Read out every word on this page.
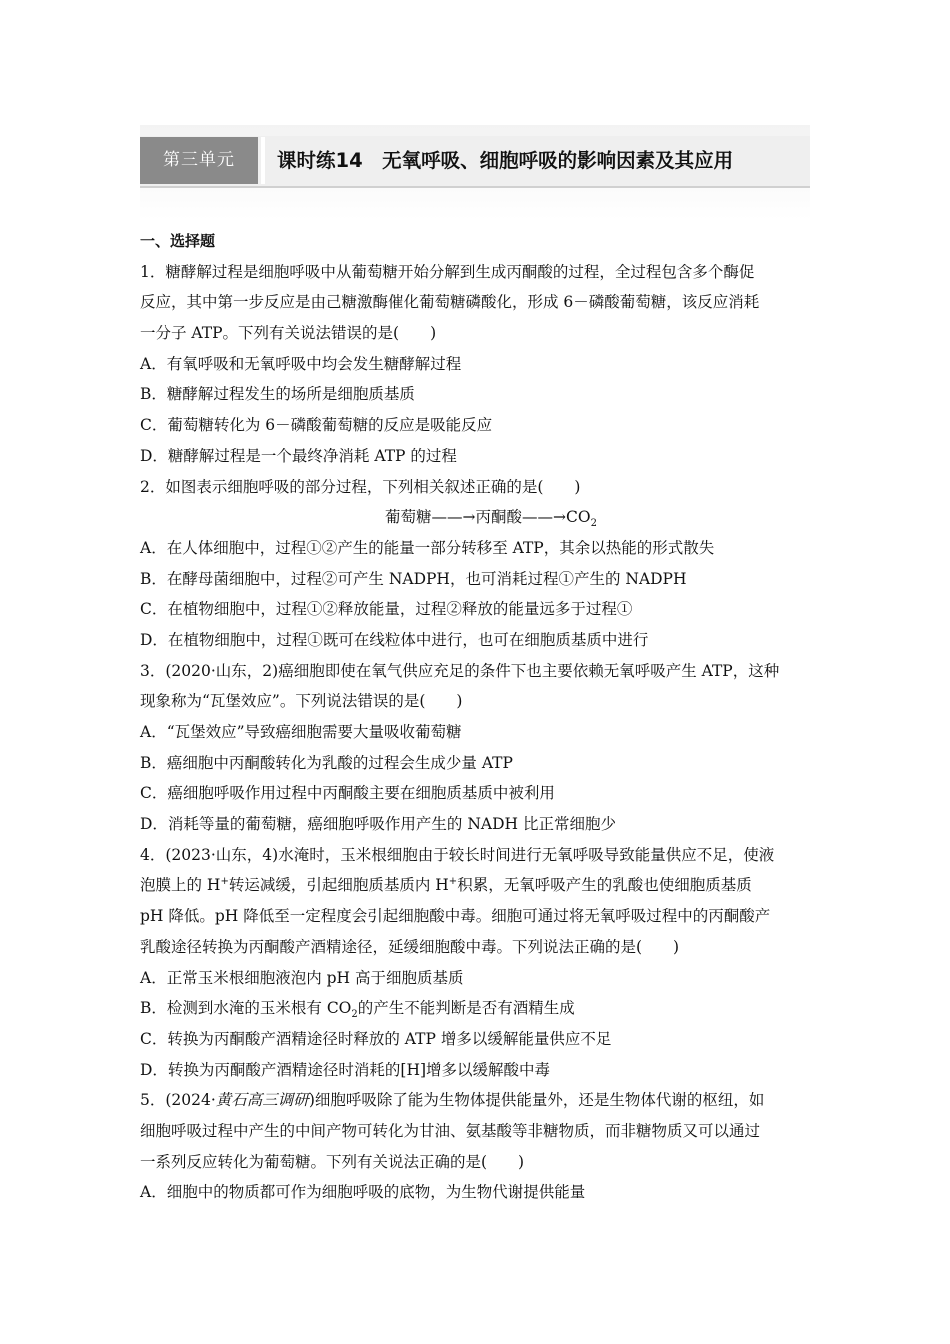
第三单元	课时练14　无氧呼吸、细胞呼吸的影响因素及其应用
一、选择题
1．糖酵解过程是细胞呼吸中从葡萄糖开始分解到生成丙酮酸的过程，全过程包含多个酶促
反应，其中第一步反应是由己糖激酶催化葡萄糖磷酸化，形成 6－磷酸葡萄糖，该反应消耗
一分子 ATP。下列有关说法错误的是(　　)
A．有氧呼吸和无氧呼吸中均会发生糖酵解过程
B．糖酵解过程发生的场所是细胞质基质
C．葡萄糖转化为 6－磷酸葡萄糖的反应是吸能反应
D．糖酵解过程是一个最终净消耗 ATP 的过程
2．如图表示细胞呼吸的部分过程，下列相关叙述正确的是(　　)
葡萄糖——→丙酮酸$——\to CO_2$
A．在人体细胞中，过程①②产生的能量一部分转移至 ATP，其余以热能的形式散失
B．在酵母菌细胞中，过程②可产生 NADPH，也可消耗过程①产生的 NADPH
C．在植物细胞中，过程①②释放能量，过程②释放的能量远多于过程①
D．在植物细胞中，过程①既可在线粒体中进行，也可在细胞质基质中进行
3．(2020·山东，2)癌细胞即使在氧气供应充足的条件下也主要依赖无氧呼吸产生 ATP，这种
现象称为“瓦堡效应”。下列说法错误的是(　　)
A．“瓦堡效应”导致癌细胞需要大量吸收葡萄糖
B．癌细胞中丙酮酸转化为乳酸的过程会生成少量 ATP
C．癌细胞呼吸作用过程中丙酮酸主要在细胞质基质中被利用
D．消耗等量的葡萄糖，癌细胞呼吸作用产生的 NADH 比正常细胞少
4．(2023·山东，4)水淹时，玉米根细胞由于较长时间进行无氧呼吸导致能量供应不足，使液
泡膜上的 H+转运减缓，引起细胞质基质内 H+积累，无氧呼吸产生的乳酸也使细胞质基质
pH 降低。pH 降低至一定程度会引起细胞酸中毒。细胞可通过将无氧呼吸过程中的丙酮酸产
乳酸途径转换为丙酮酸产酒精途径，延缓细胞酸中毒。下列说法正确的是(　　)
A．正常玉米根细胞液泡内 pH 高于细胞质基质
B．检测到水淹的玉米根有 $CO_2$的产生不能判断是否有酒精生成
C．转换为丙酮酸产酒精途径时释放的 ATP 增多以缓解能量供应不足
D．转换为丙酮酸产酒精途径时消耗的[H]增多以缓解酸中毒
5．(2024·黄石高三调研)细胞呼吸除了能为生物体提供能量外，还是生物体代谢的枢纽，如
细胞呼吸过程中产生的中间产物可转化为甘油、氨基酸等非糖物质，而非糖物质又可以通过
一系列反应转化为葡萄糖。下列有关说法正确的是(　　)
A．细胞中的物质都可作为细胞呼吸的底物，为生物代谢提供能量
